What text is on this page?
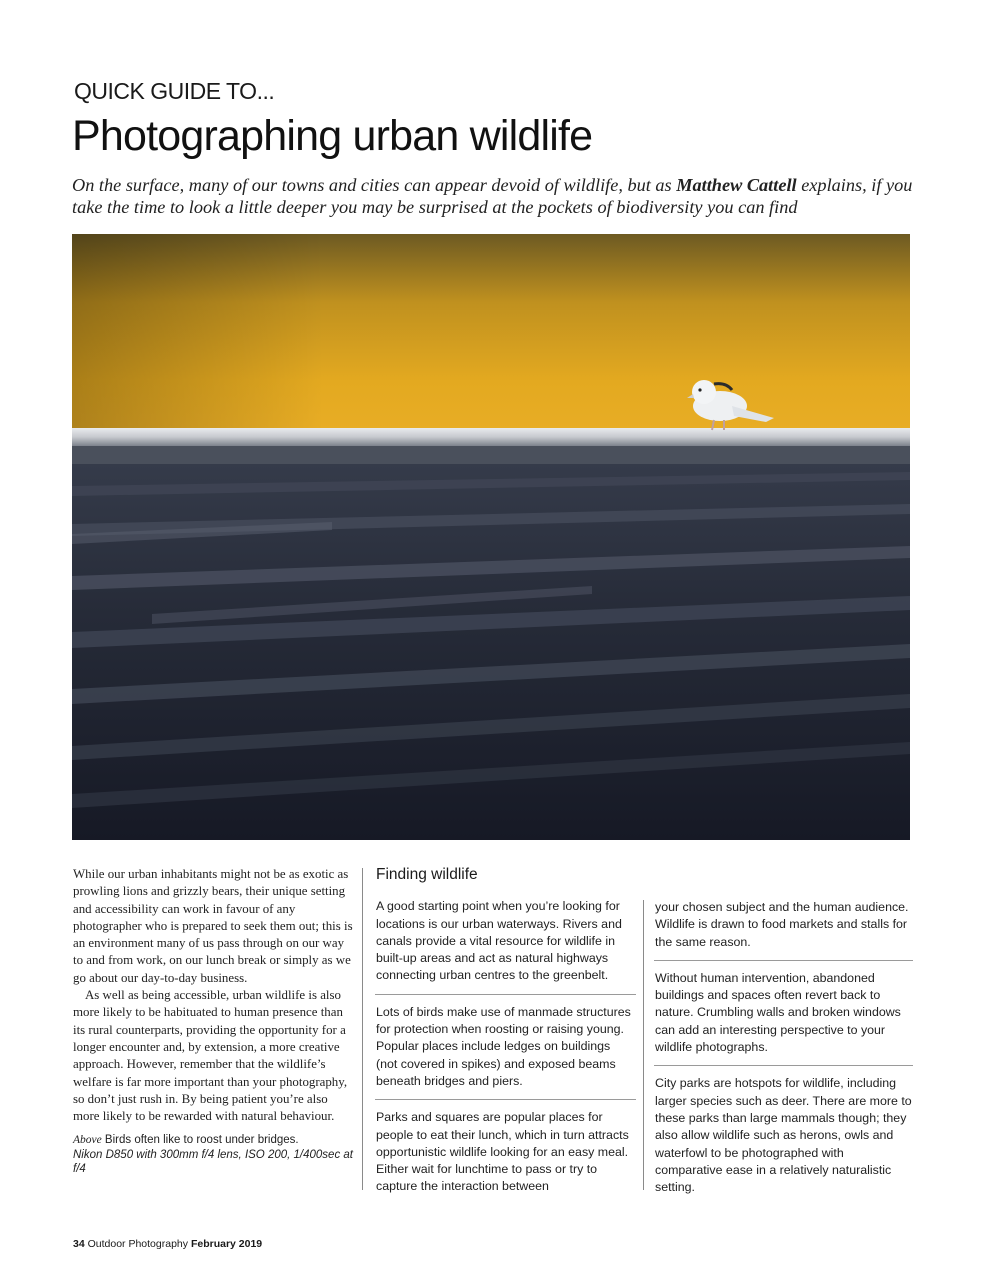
QUICK GUIDE TO...
Photographing urban wildlife
On the surface, many of our towns and cities can appear devoid of wildlife, but as Matthew Cattell explains, if you take the time to look a little deeper you may be surprised at the pockets of biodiversity you can find

While our urban inhabitants might not be as exotic as prowling lions and grizzly bears, their unique setting and accessibility can work in favour of any photographer who is prepared to seek them out; this is an environment many of us pass through on our way to and from work, on our lunch break or simply as we go about our day-to-day business.

As well as being accessible, urban wildlife is also more likely to be habituated to human presence than its rural counterparts, providing the opportunity for a longer encounter and, by extension, a more creative approach. However, remember that the wildlife’s welfare is far more important than your photography, so don’t just rush in. By being patient you’re also more likely to be rewarded with natural behaviour.

Above Birds often like to roost under bridges.
Nikon D850 with 300mm f/4 lens, ISO 200, 1/400sec at f/4
Finding wildlife

A good starting point when you’re looking for locations is our urban waterways. Rivers and canals provide a vital resource for wildlife in built-up areas and act as natural highways connecting urban centres to the greenbelt.

Lots of birds make use of manmade structures for protection when roosting or raising young. Popular places include ledges on buildings (not covered in spikes) and exposed beams beneath bridges and piers.

Parks and squares are popular places for people to eat their lunch, which in turn attracts opportunistic wildlife looking for an easy meal. Either wait for lunchtime to pass or try to capture the interaction between

your chosen subject and the human audience. Wildlife is drawn to food markets and stalls for the same reason.

Without human intervention, abandoned buildings and spaces often revert back to nature. Crumbling walls and broken windows can add an interesting perspective to your wildlife photographs.

City parks are hotspots for wildlife, including larger species such as deer. There are more to these parks than large mammals though; they also allow wildlife such as herons, owls and waterfowl to be photographed with comparative ease in a relatively naturalistic setting.

34 Outdoor Photography February 2019
